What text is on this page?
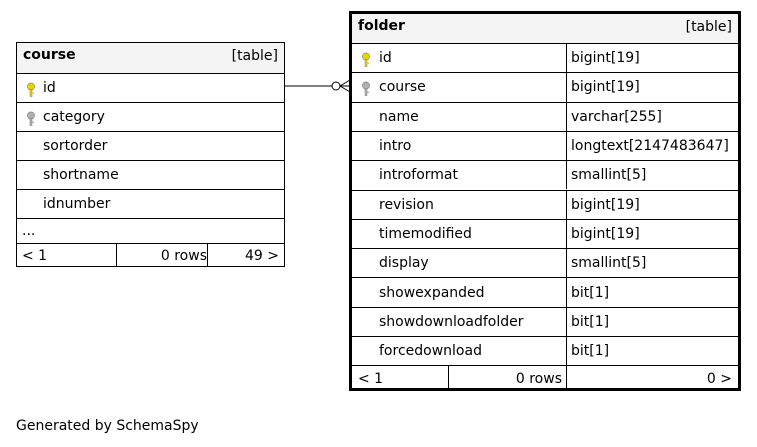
course	[table]
id
category
sortorder
shortname
idnumber
...
< 1	0 rows	49 >
folder	[table]
id	bigint[19]
course	bigint[19]
name	varchar[255]
intro	longtext[2147483647]
introformat	smallint[5]
revision	bigint[19]
timemodified	bigint[19]
display	smallint[5]
showexpanded	bit[1]
showdownloadfolder	bit[1]
forcedownload	bit[1]
< 1	0 rows	0 >
Generated by SchemaSpy
